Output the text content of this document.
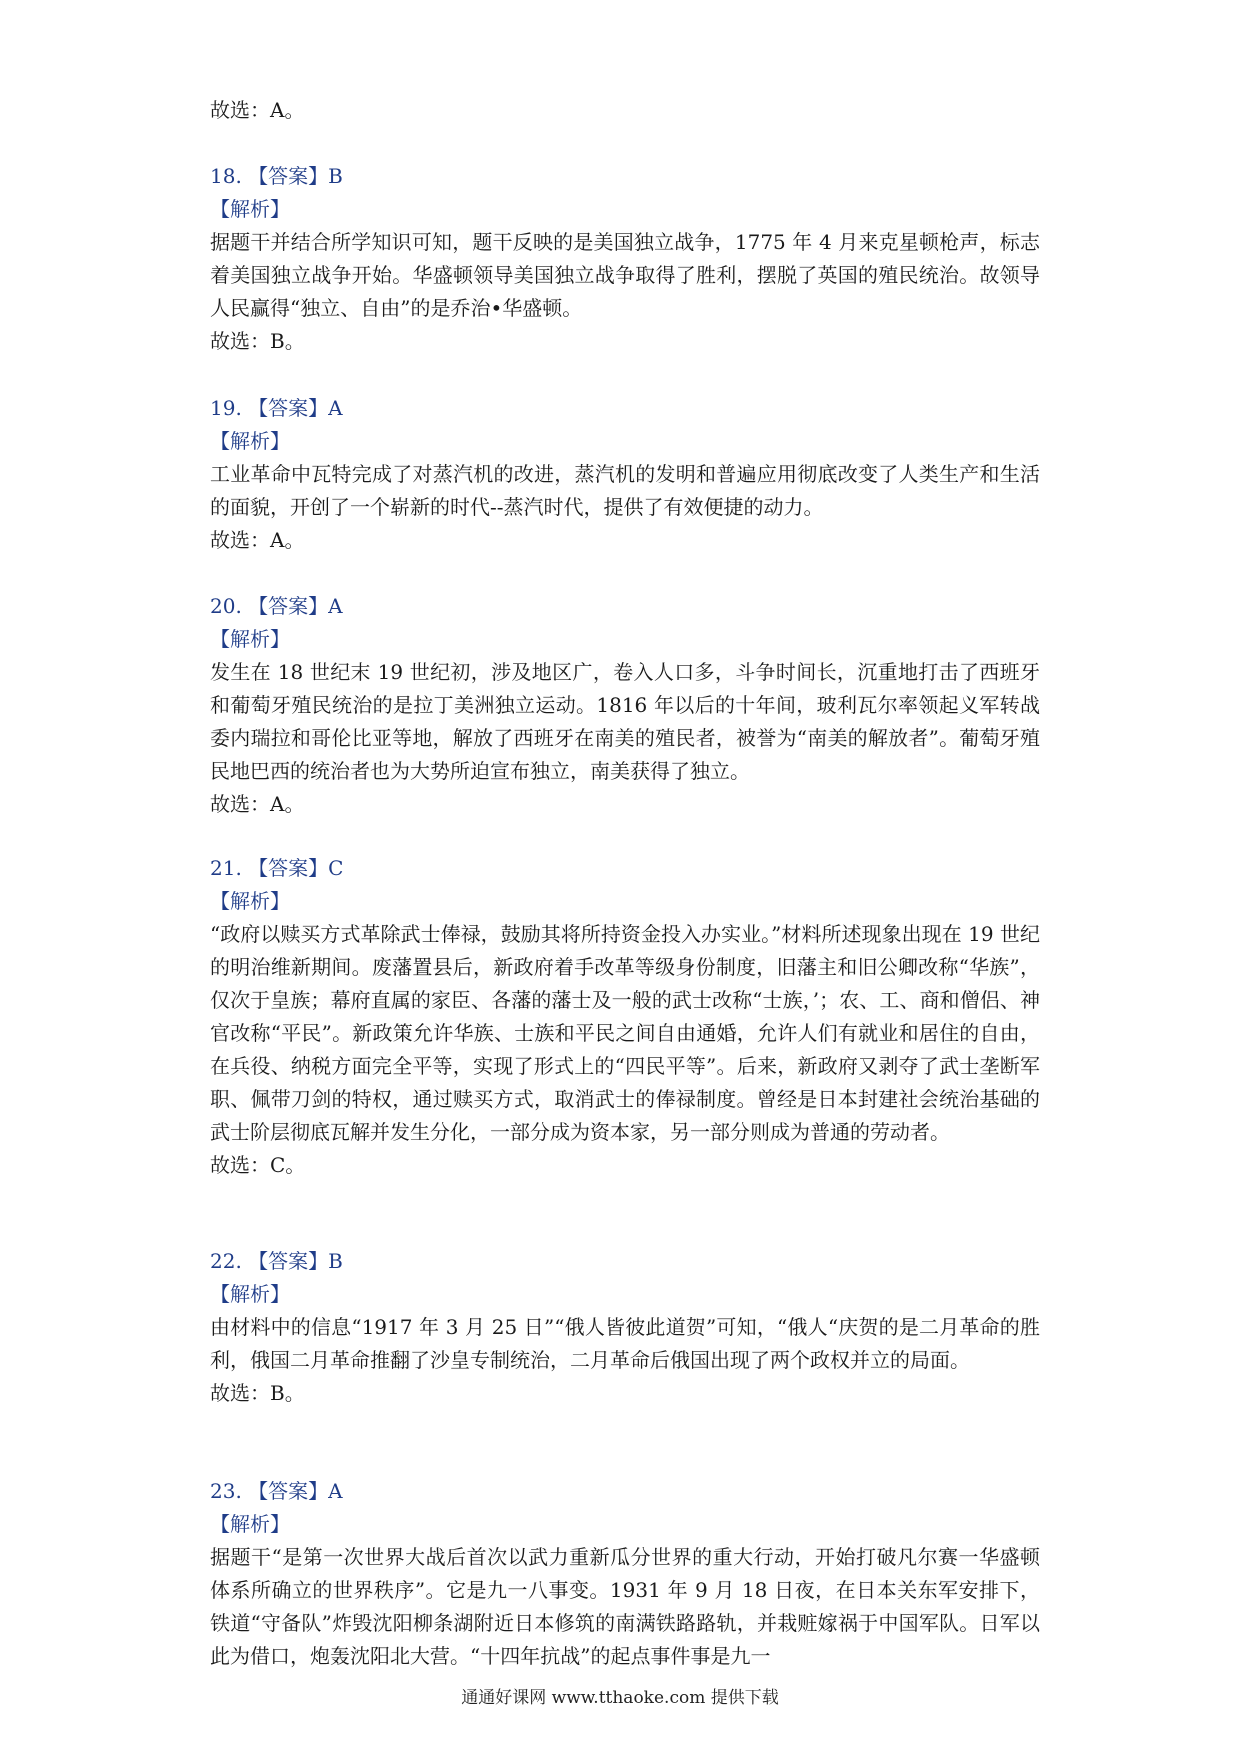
故选：A。
18. 【答案】B
【解析】
据题干并结合所学知识可知，题干反映的是美国独立战争，1775 年 4 月来克星顿枪声，标志着美国独立战争开始。华盛顿领导美国独立战争取得了胜利，摆脱了英国的殖民统治。故领导人民赢得“独立、自由”的是乔治•华盛顿。
故选：B。
19. 【答案】A
【解析】
工业革命中瓦特完成了对蒸汽机的改进，蒸汽机的发明和普遍应用彻底改变了人类生产和生活的面貌，开创了一个崭新的时代--蒸汽时代，提供了有效便捷的动力。
故选：A。
20. 【答案】A
【解析】
发生在 18 世纪末 19 世纪初，涉及地区广，卷入人口多，斗争时间长，沉重地打击了西班牙和葡萄牙殖民统治的是拉丁美洲独立运动。1816 年以后的十年间，玻利瓦尔率领起义军转战委内瑞拉和哥伦比亚等地，解放了西班牙在南美的殖民者，被誉为“南美的解放者”。葡萄牙殖民地巴西的统治者也为大势所迫宣布独立，南美获得了独立。
故选：A。
21. 【答案】C
【解析】
“政府以赎买方式革除武士俸禄，鼓励其将所持资金投入办实业。”材料所述现象出现在 19 世纪的明治维新期间。废藩置县后，新政府着手改革等级身份制度，旧藩主和旧公卿改称“华族”，仅次于皇族；幕府直属的家臣、各藩的藩士及一般的武士改称“士族，’；农、工、商和僧侣、神官改称“平民”。新政策允许华族、士族和平民之间自由通婚，允许人们有就业和居住的自由，在兵役、纳税方面完全平等，实现了形式上的“四民平等”。后来，新政府又剥夺了武士垄断军职、佩带刀剑的特权，通过赎买方式，取消武士的俸禄制度。曾经是日本封建社会统治基础的武士阶层彻底瓦解并发生分化，一部分成为资本家，另一部分则成为普通的劳动者。
故选：C。
22. 【答案】B
【解析】
由材料中的信息“1917 年 3 月 25 日”“俄人皆彼此道贺”可知，“俄人“庆贺的是二月革命的胜利，俄国二月革命推翻了沙皇专制统治，二月革命后俄国出现了两个政权并立的局面。
故选：B。
23. 【答案】A
【解析】
据题干“是第一次世界大战后首次以武力重新瓜分世界的重大行动，开始打破凡尔赛一华盛顿体系所确立的世界秩序”。它是九一八事变。1931 年 9 月 18 日夜，在日本关东军安排下，铁道“守备队”炸毁沈阳柳条湖附近日本修筑的南满铁路路轨，并栽赃嫁祸于中国军队。日军以此为借口，炮轰沈阳北大营。“十四年抗战”的起点事件事是九一
通通好课网 www.tthaoke.com 提供下载
